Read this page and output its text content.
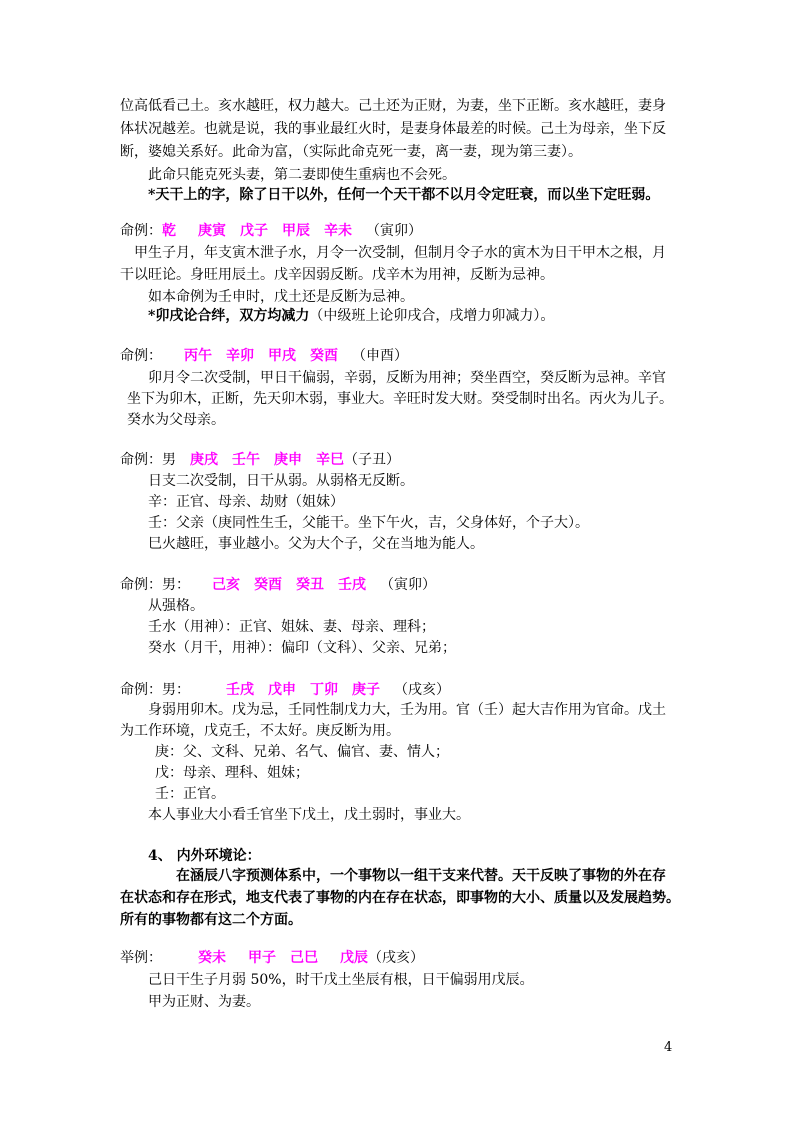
位高低看己土。亥水越旺，权力越大。己土还为正财，为妻，坐下正断。亥水越旺，妻身
体状况越差。也就是说，我的事业最红火时，是妻身体最差的时候。己土为母亲，坐下反
断，婆媳关系好。此命为富，（实际此命克死一妻，离一妻，现为第三妻）。
此命只能克死头妻，第二妻即使生重病也不会死。
*天干上的字，除了日干以外，任何一个天干都不以月令定旺衰，而以坐下定旺弱。
命例：乾 庚寅 戊子 甲辰 辛未 （寅卯）
甲生子月，年支寅木泄子水，月令一次受制，但制月令子水的寅木为日干甲木之根，月
干以旺论。身旺用辰土。戊辛因弱反断。戊辛木为用神，反断为忌神。
如本命例为壬申时，戊土还是反断为忌神。
*卯戌论合绊，双方均减力（中级班上论卯戌合，戌增力卯减力）。
命例： 丙午 辛卯 甲戌 癸酉 （申酉）
卯月令二次受制，甲日干偏弱，辛弱，反断为用神；癸坐酉空，癸反断为忌神。辛官
坐下为卯木，正断，先天卯木弱，事业大。辛旺时发大财。癸受制时出名。丙火为儿子。
癸水为父母亲。
命例：男 庚戌 壬午 庚申 辛巳（子丑）
日支二次受制，日干从弱。从弱格无反断。
辛：正官、母亲、劫财（姐妹）
壬：父亲（庚同性生壬，父能干。坐下午火，吉，父身体好，个子大）。
巳火越旺，事业越小。父为大个子，父在当地为能人。
命例：男： 己亥 癸酉 癸丑 壬戌 （寅卯）
从强格。
壬水（用神）：正官、姐妹、妻、母亲、理科；
癸水（月干，用神）：偏印（文科）、父亲、兄弟；
命例：男：	壬戌 戊申 丁卯 庚子 （戌亥）
身弱用卯木。戊为忌，壬同性制戊力大，壬为用。官（壬）起大吉作用为官命。戊土
为工作环境，戊克壬，不太好。庚反断为用。
庚：父、文科、兄弟、名气、偏官、妻、情人；
戊：母亲、理科、姐妹；
壬：正官。
本人事业大小看壬官坐下戊土，戊土弱时，事业大。
4、 内外环境论：
在涵辰八字预测体系中，一个事物以一组干支来代替。天干反映了事物的外在存
在状态和存在形式，地支代表了事物的内在存在状态，即事物的大小、质量以及发展趋势。
所有的事物都有这二个方面。
举例：	癸未 甲子 己巳 戊辰（戌亥）
己日干生子月弱 50%，时干戊土坐辰有根，日干偏弱用戊辰。
甲为正财、为妻。
4
